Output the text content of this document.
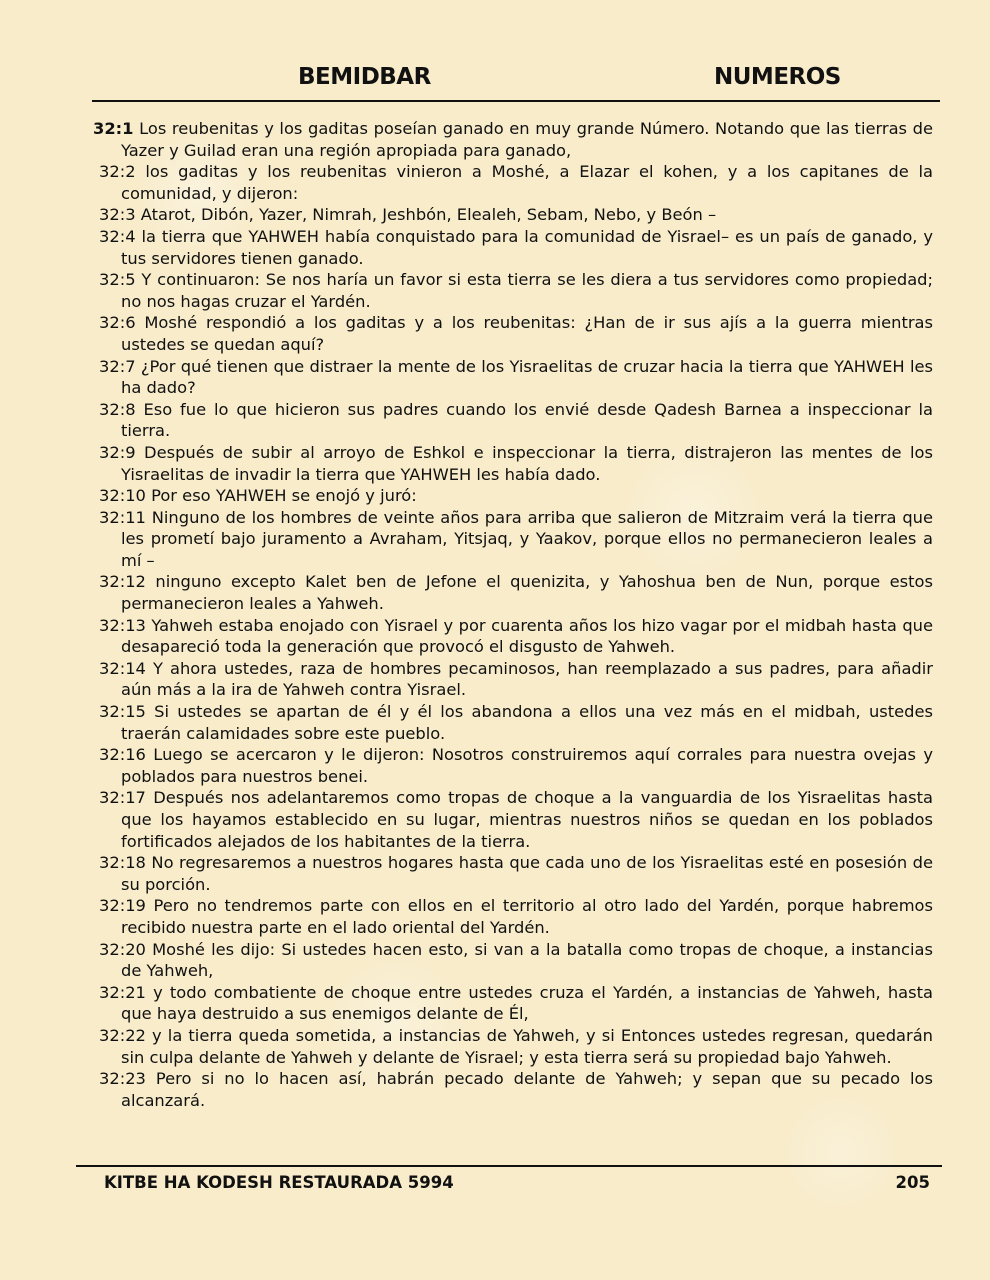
BEMIDBAR	NUMEROS

32:1 Los reubenitas y los gaditas poseían ganado en muy grande Número. Notando que las tierras de Yazer y Guilad eran una región apropiada para ganado,

32:2 los gaditas y los reubenitas vinieron a Moshé, a Elazar el kohen, y a los capitanes de la comunidad, y dijeron:

32:3 Atarot, Dibón, Yazer, Nimrah, Jeshbón, Elealeh, Sebam, Nebo, y Beón –

32:4 la tierra que YAHWEH había conquistado para la comunidad de Yisrael– es un país de ganado, y tus servidores tienen ganado.

32:5 Y continuaron: Se nos haría un favor si esta tierra se les diera a tus servidores como propiedad; no nos hagas cruzar el Yardén.

32:6 Moshé respondió a los gaditas y a los reubenitas: ¿Han de ir sus ajís a la guerra mientras ustedes se quedan aquí?

32:7 ¿Por qué tienen que distraer la mente de los Yisraelitas de cruzar hacia la tierra que YAHWEH les ha dado?

32:8 Eso fue lo que hicieron sus padres cuando los envié desde Qadesh Barnea a inspeccionar la tierra.

32:9 Después de subir al arroyo de Eshkol e inspeccionar la tierra, distrajeron las mentes de los Yisraelitas de invadir la tierra que YAHWEH les había dado.

32:10 Por eso YAHWEH se enojó y juró:

32:11 Ninguno de los hombres de veinte años para arriba que salieron de Mitzraim verá la tierra que les prometí bajo juramento a Avraham, Yitsjaq, y Yaakov, porque ellos no permanecieron leales a mí –

32:12 ninguno excepto Kalet ben de Jefone el quenizita, y Yahoshua ben de Nun, porque estos permanecieron leales a Yahweh.

32:13 Yahweh estaba enojado con Yisrael y por cuarenta años los hizo vagar por el midbah hasta que desapareció toda la generación que provocó el disgusto de Yahweh.

32:14 Y ahora ustedes, raza de hombres pecaminosos, han reemplazado a sus padres, para añadir aún más a la ira de Yahweh contra Yisrael.

32:15 Si ustedes se apartan de él y él los abandona a ellos una vez más en el midbah, ustedes traerán calamidades sobre este pueblo.

32:16 Luego se acercaron y le dijeron: Nosotros construiremos aquí corrales para nuestra ovejas y poblados para nuestros benei.

32:17 Después nos adelantaremos como tropas de choque a la vanguardia de los Yisraelitas hasta que los hayamos establecido en su lugar, mientras nuestros niños se quedan en los poblados fortificados alejados de los habitantes de la tierra.

32:18 No regresaremos a nuestros hogares hasta que cada uno de los Yisraelitas esté en posesión de su porción.

32:19 Pero no tendremos parte con ellos en el territorio al otro lado del Yardén, porque habremos recibido nuestra parte en el lado oriental del Yardén.

32:20 Moshé les dijo: Si ustedes hacen esto, si van a la batalla como tropas de choque, a instancias de Yahweh,

32:21 y todo combatiente de choque entre ustedes cruza el Yardén, a instancias de Yahweh, hasta que haya destruido a sus enemigos delante de Él,

32:22 y la tierra queda sometida, a instancias de Yahweh, y si Entonces ustedes regresan, quedarán sin culpa delante de Yahweh y delante de Yisrael; y esta tierra será su propiedad bajo Yahweh.

32:23 Pero si no lo hacen así, habrán pecado delante de Yahweh; y sepan que su pecado los alcanzará.

KITBE HA KODESH RESTAURADA 5994	205
